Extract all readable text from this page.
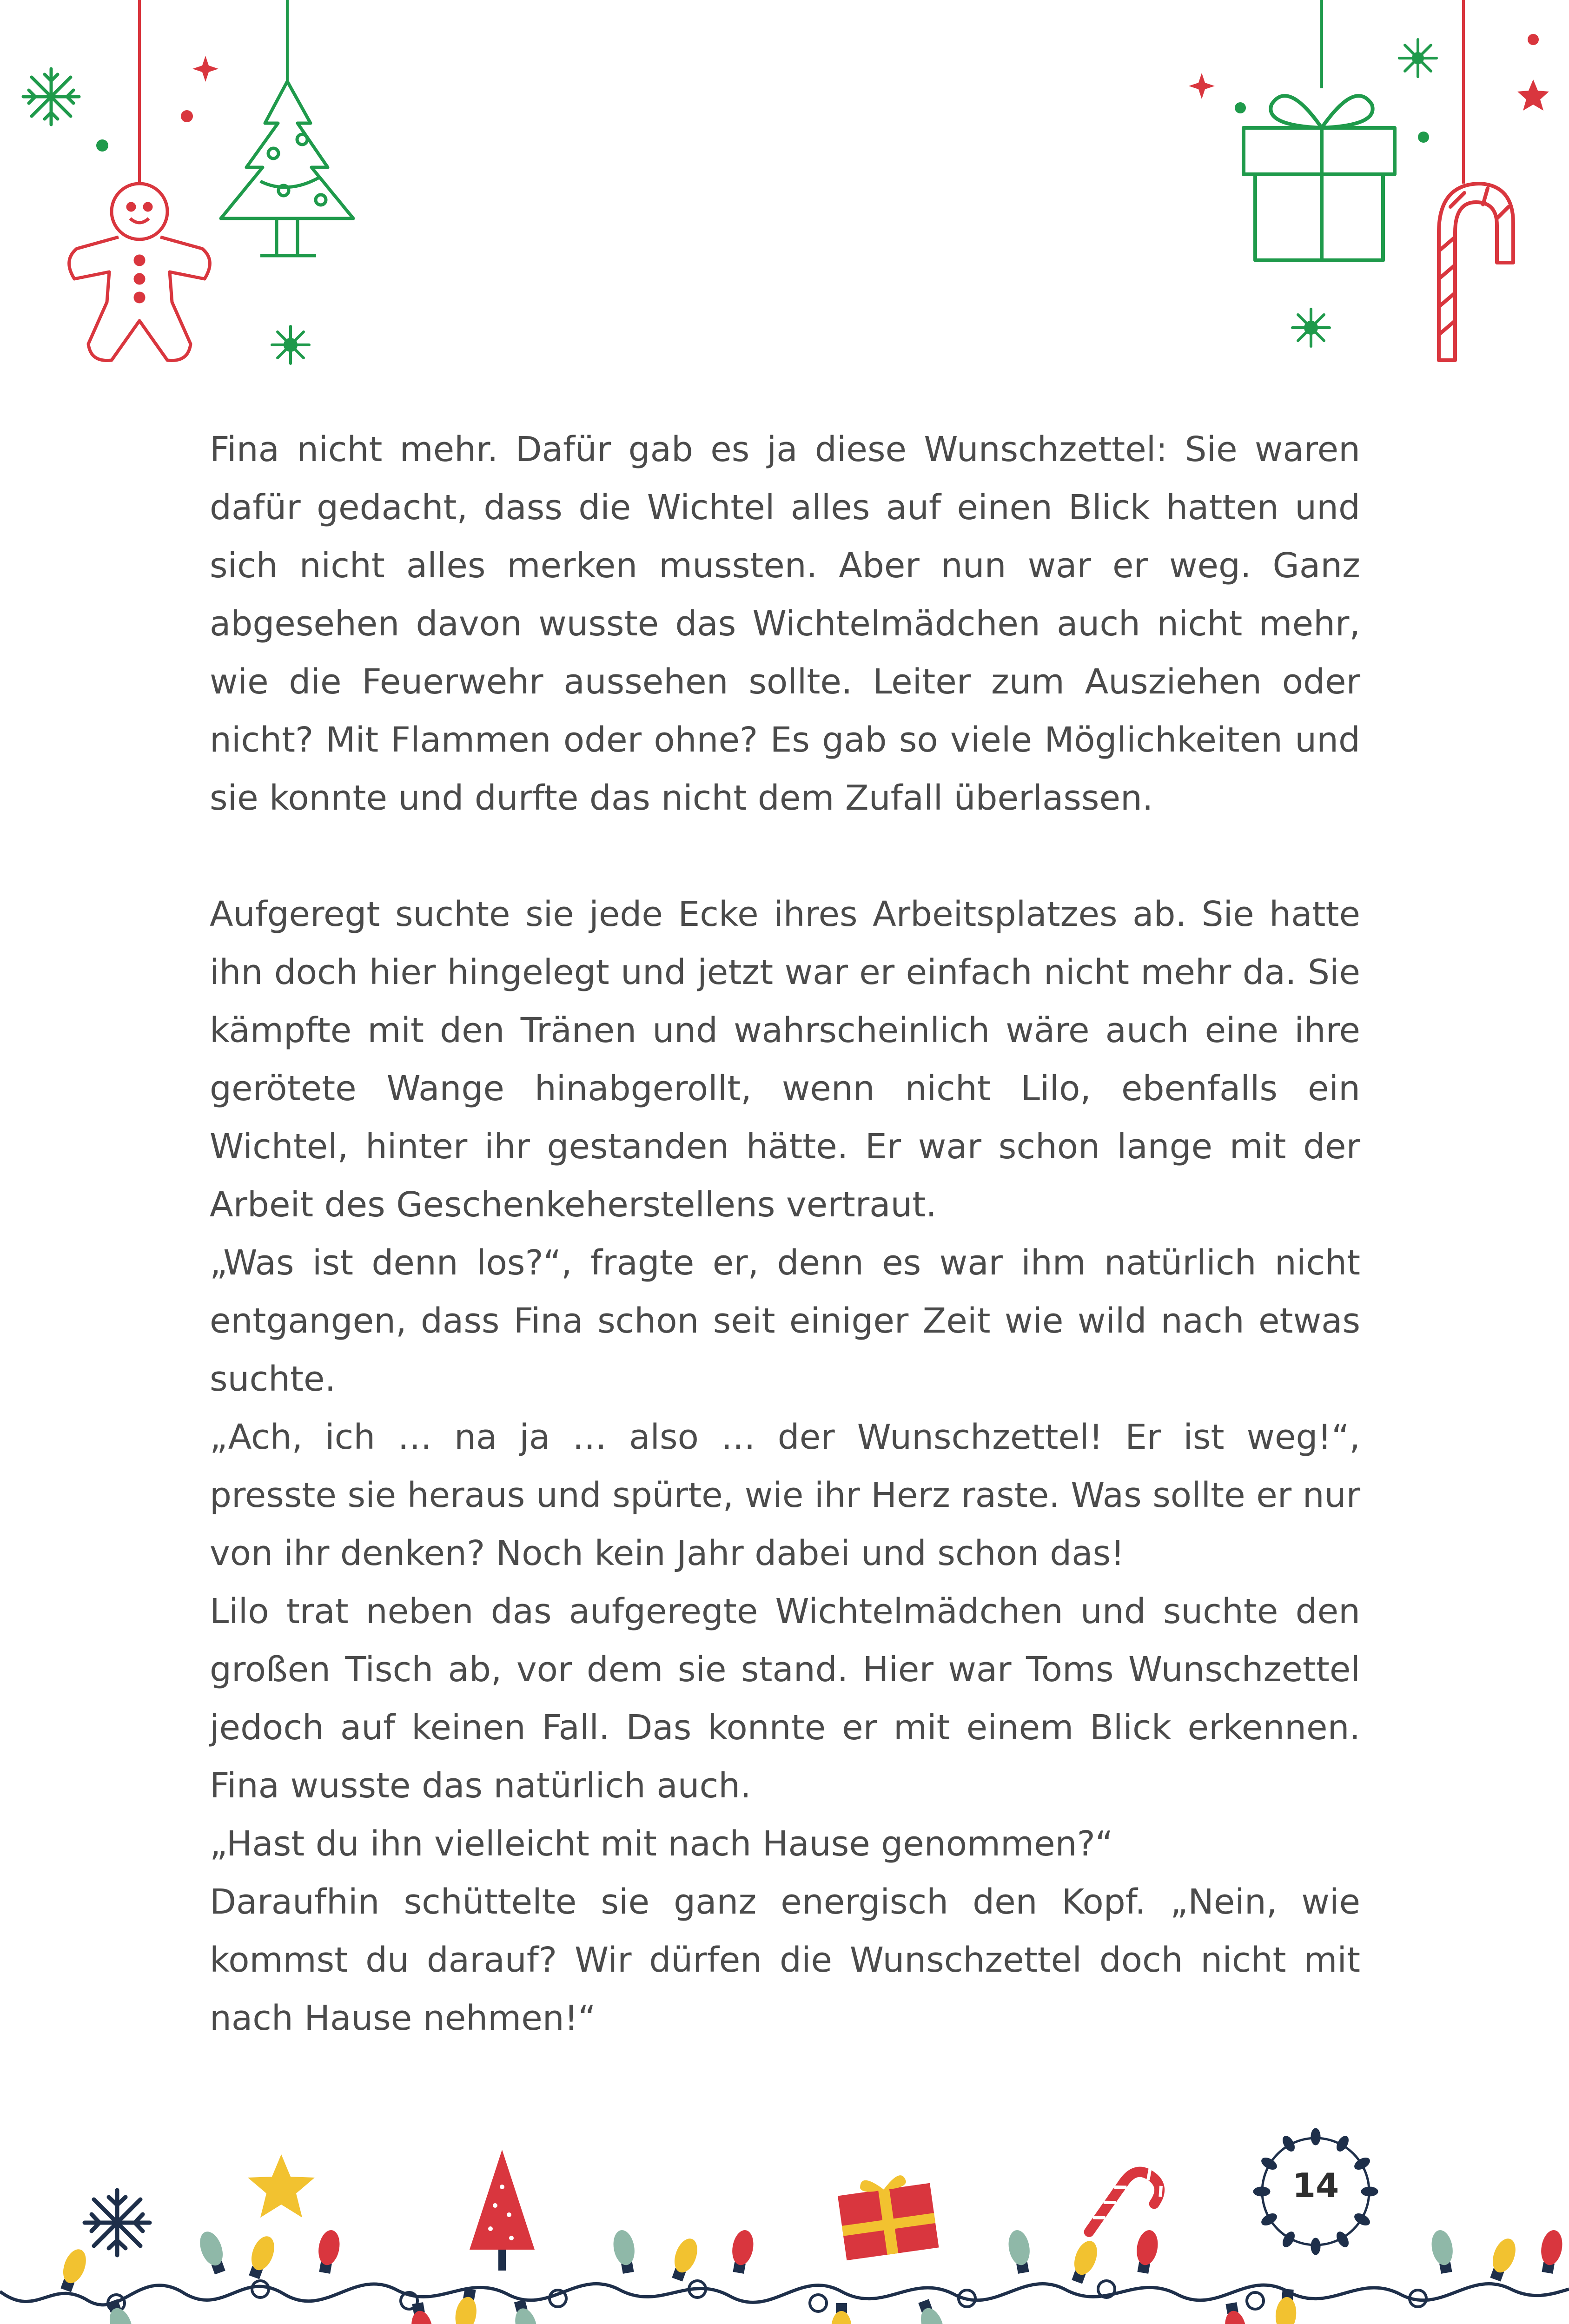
Fina nicht mehr. Dafür gab es ja diese Wunschzettel: Sie waren dafür gedacht, dass die Wichtel alles auf einen Blick hatten und sich nicht alles merken mussten. Aber nun war er weg. Ganz abgesehen davon wusste das Wichtelmädchen auch nicht mehr, wie die Feuerwehr aussehen sollte. Leiter zum Ausziehen oder nicht? Mit Flammen oder ohne? Es gab so viele Möglichkeiten und sie konnte und durfte das nicht dem Zufall überlassen.

Aufgeregt suchte sie jede Ecke ihres Arbeitsplatzes ab. Sie hatte ihn doch hier hingelegt und jetzt war er einfach nicht mehr da. Sie kämpfte mit den Tränen und wahrscheinlich wäre auch eine ihre gerötete Wange hinabgerollt, wenn nicht Lilo, ebenfalls ein Wichtel, hinter ihr gestanden hätte. Er war schon lange mit der Arbeit des Geschenkeherstellens vertraut.

„Was ist denn los?“, fragte er, denn es war ihm natürlich nicht entgangen, dass Fina schon seit einiger Zeit wie wild nach etwas suchte.

„Ach, ich … na ja … also … der Wunschzettel! Er ist weg!“, presste sie heraus und spürte, wie ihr Herz raste. Was sollte er nur von ihr denken? Noch kein Jahr dabei und schon das!

Lilo trat neben das aufgeregte Wichtelmädchen und suchte den großen Tisch ab, vor dem sie stand. Hier war Toms Wunschzettel jedoch auf keinen Fall. Das konnte er mit einem Blick erkennen. Fina wusste das natürlich auch.

„Hast du ihn vielleicht mit nach Hause genommen?“

Daraufhin schüttelte sie ganz energisch den Kopf. „Nein, wie kommst du darauf? Wir dürfen die Wunschzettel doch nicht mit nach Hause nehmen!“

14
